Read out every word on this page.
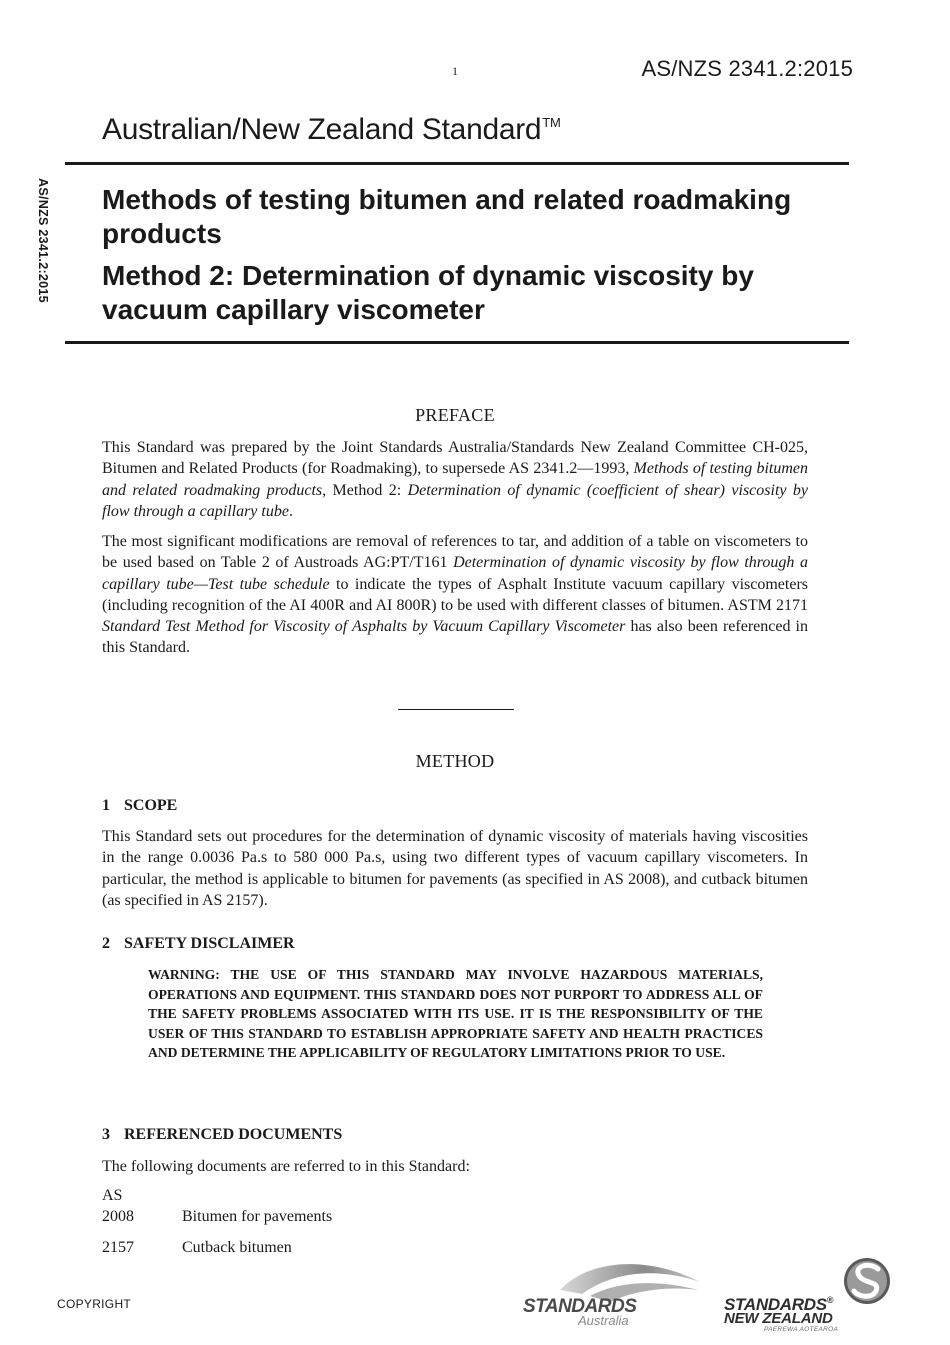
1	AS/NZS 2341.2:2015
Australian/New Zealand Standard™
AS/NZS 2341.2:2015 Methods of testing bitumen and related roadmaking products
Method 2: Determination of dynamic viscosity by vacuum capillary viscometer
PREFACE
This Standard was prepared by the Joint Standards Australia/Standards New Zealand Committee CH-025, Bitumen and Related Products (for Roadmaking), to supersede AS 2341.2—1993, Methods of testing bitumen and related roadmaking products, Method 2: Determination of dynamic (coefficient of shear) viscosity by flow through a capillary tube.
The most significant modifications are removal of references to tar, and addition of a table on viscometers to be used based on Table 2 of Austroads AG:PT/T161 Determination of dynamic viscosity by flow through a capillary tube—Test tube schedule to indicate the types of Asphalt Institute vacuum capillary viscometers (including recognition of the AI 400R and AI 800R) to be used with different classes of bitumen. ASTM 2171 Standard Test Method for Viscosity of Asphalts by Vacuum Capillary Viscometer has also been referenced in this Standard.
METHOD
1 SCOPE
This Standard sets out procedures for the determination of dynamic viscosity of materials having viscosities in the range 0.0036 Pa.s to 580 000 Pa.s, using two different types of vacuum capillary viscometers. In particular, the method is applicable to bitumen for pavements (as specified in AS 2008), and cutback bitumen (as specified in AS 2157).
2 SAFETY DISCLAIMER
WARNING: THE USE OF THIS STANDARD MAY INVOLVE HAZARDOUS MATERIALS, OPERATIONS AND EQUIPMENT. THIS STANDARD DOES NOT PURPORT TO ADDRESS ALL OF THE SAFETY PROBLEMS ASSOCIATED WITH ITS USE. IT IS THE RESPONSIBILITY OF THE USER OF THIS STANDARD TO ESTABLISH APPROPRIATE SAFETY AND HEALTH PRACTICES AND DETERMINE THE APPLICABILITY OF REGULATORY LIMITATIONS PRIOR TO USE.
3 REFERENCED DOCUMENTS
The following documents are referred to in this Standard:
AS
2008	Bitumen for pavements
2157	Cutback bitumen
COPYRIGHT	STANDARDS
Australia
STANDARDS®
NEW ZEALAND
PAEREWA AOTEAROA
